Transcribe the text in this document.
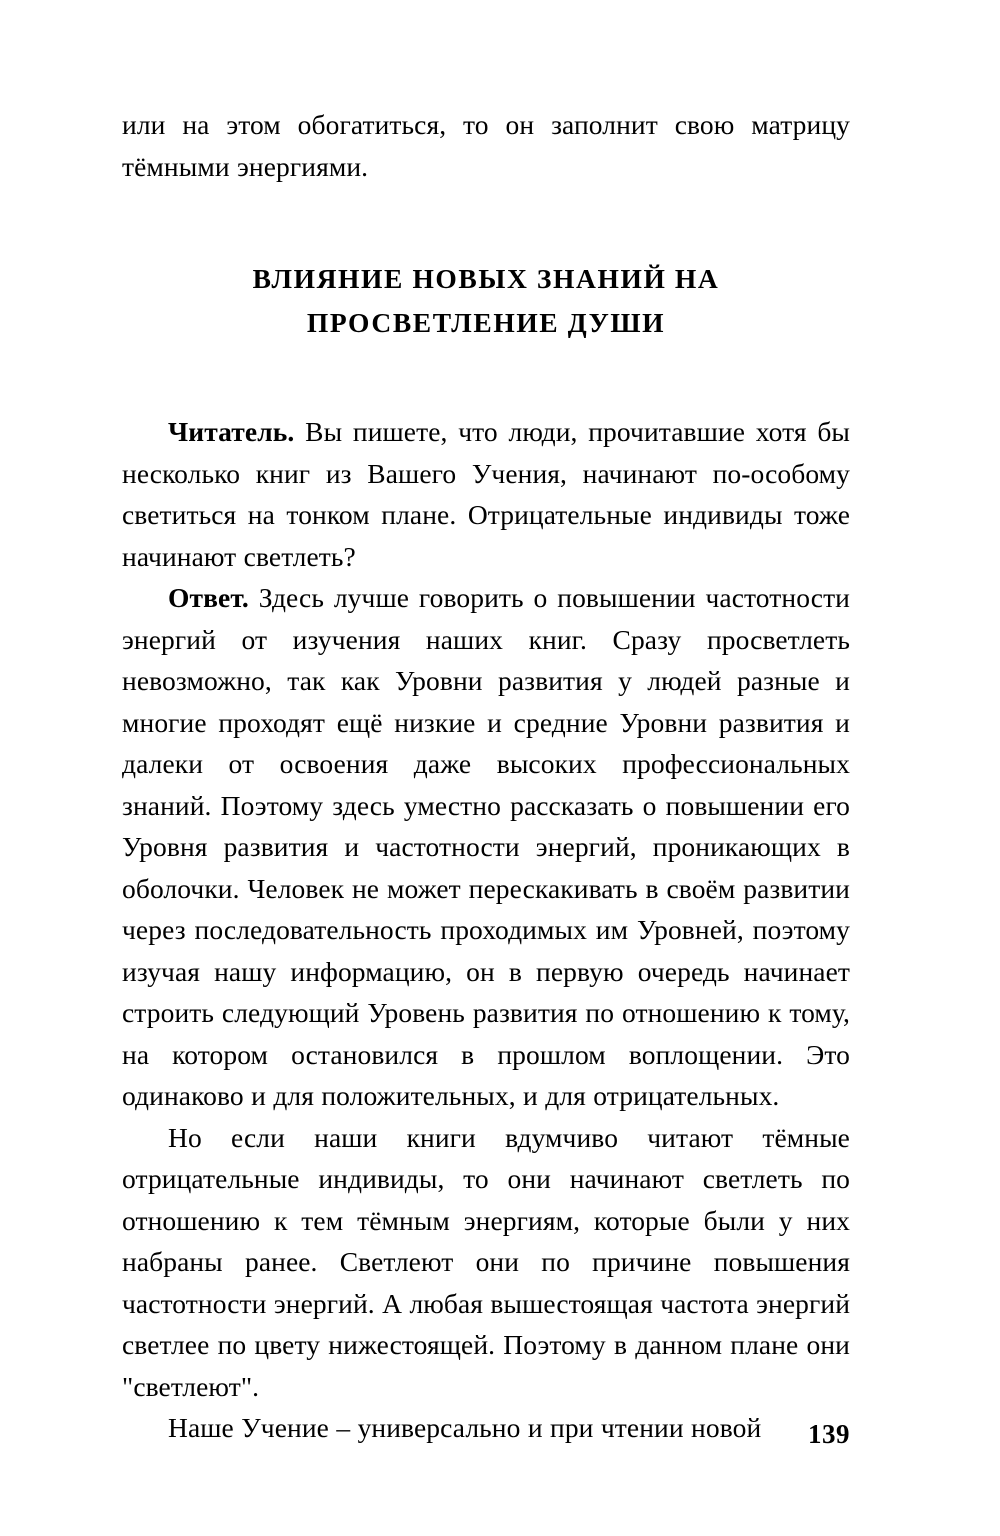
или на этом обогатиться, то он заполнит свою матрицу тёмными энергиями.

ВЛИЯНИЕ НОВЫХ ЗНАНИЙ НА
ПРОСВЕТЛЕНИЕ ДУШИ

Читатель. Вы пишете, что люди, прочитавшие хотя бы несколько книг из Вашего Учения, начинают по-особому светиться на тонком плане. Отрицательные индивиды тоже начинают светлеть?

Ответ. Здесь лучше говорить о повышении частотности энергий от изучения наших книг. Сразу просветлеть невозможно, так как Уровни развития у людей разные и многие проходят ещё низкие и средние Уровни развития и далеки от освоения даже высоких профессиональных знаний. Поэтому здесь уместно рассказать о повышении его Уровня развития и частотности энергий, проникающих в оболочки. Человек не может перескакивать в своём развитии через последовательность проходимых им Уровней, поэтому изучая нашу информацию, он в первую очередь начинает строить следующий Уровень развития по отношению к тому, на котором остановился в прошлом воплощении. Это одинаково и для положительных, и для отрицательных.

Но если наши книги вдумчиво читают тёмные отрицательные индивиды, то они начинают светлеть по отношению к тем тёмным энергиям, которые были у них набраны ранее. Светлеют они по причине повышения частотности энергий. А любая вышестоящая частота энергий светлее по цвету нижестоящей. Поэтому в данном плане они "светлеют".

Наше Учение – универсально и при чтении новой	139
